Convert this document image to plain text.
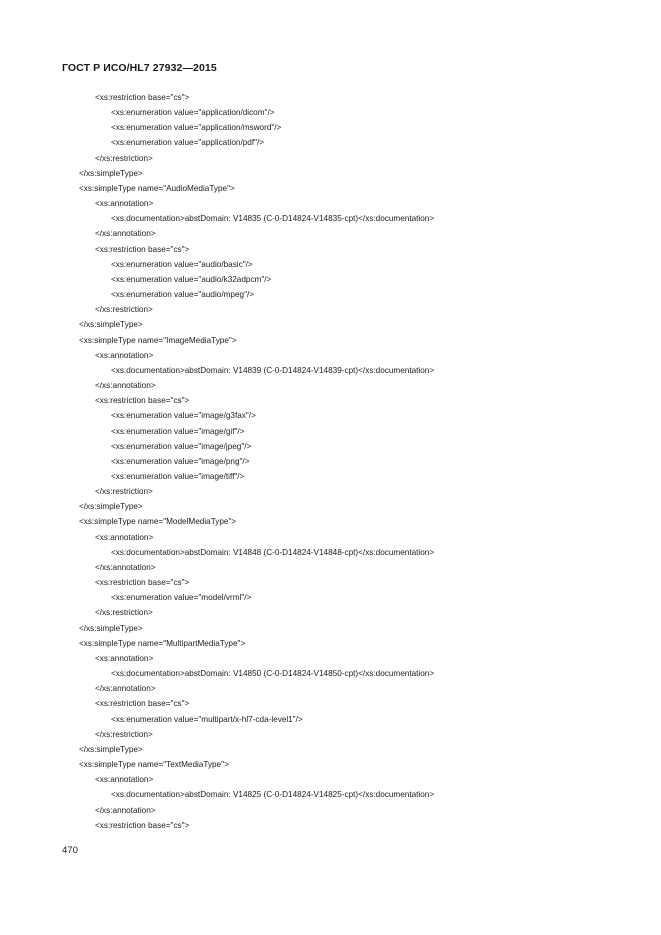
ГОСТ Р ИСО/HL7 27932—2015
<xs:restriction base="cs">
<xs:enumeration value="application/dicom"/>
<xs:enumeration value="application/msword"/>
<xs:enumeration value="application/pdf"/>
</xs:restriction>
</xs:simpleType>
<xs:simpleType name="AudioMediaType">
<xs:annotation>
<xs:documentation>abstDomain: V14835 (C-0-D14824-V14835-cpt)</xs:documentation>
</xs:annotation>
<xs:restriction base="cs">
<xs:enumeration value="audio/basic"/>
<xs:enumeration value="audio/k32adpcm"/>
<xs:enumeration value="audio/mpeg"/>
</xs:restriction>
</xs:simpleType>
<xs:simpleType name="ImageMediaType">
<xs:annotation>
<xs:documentation>abstDomain: V14839 (C-0-D14824-V14839-cpt)</xs:documentation>
</xs:annotation>
<xs:restriction base="cs">
<xs:enumeration value="image/g3fax"/>
<xs:enumeration value="image/gif"/>
<xs:enumeration value="image/jpeg"/>
<xs:enumeration value="image/png"/>
<xs:enumeration value="image/tiff"/>
</xs:restriction>
</xs:simpleType>
<xs:simpleType name="ModelMediaType">
<xs:annotation>
<xs:documentation>abstDomain: V14848 (C-0-D14824-V14848-cpt)</xs:documentation>
</xs:annotation>
<xs:restriction base="cs">
<xs:enumeration value="model/vrml"/>
</xs:restriction>
</xs:simpleType>
<xs:simpleType name="MultipartMediaType">
<xs:annotation>
<xs:documentation>abstDomain: V14850 (C-0-D14824-V14850-cpt)</xs:documentation>
</xs:annotation>
<xs:restriction base="cs">
<xs:enumeration value="multipart/x-hl7-cda-level1"/>
</xs:restriction>
</xs:simpleType>
<xs:simpleType name="TextMediaType">
<xs:annotation>
<xs:documentation>abstDomain: V14825 (C-0-D14824-V14825-cpt)</xs:documentation>
</xs:annotation>
<xs:restriction base="cs">
470
